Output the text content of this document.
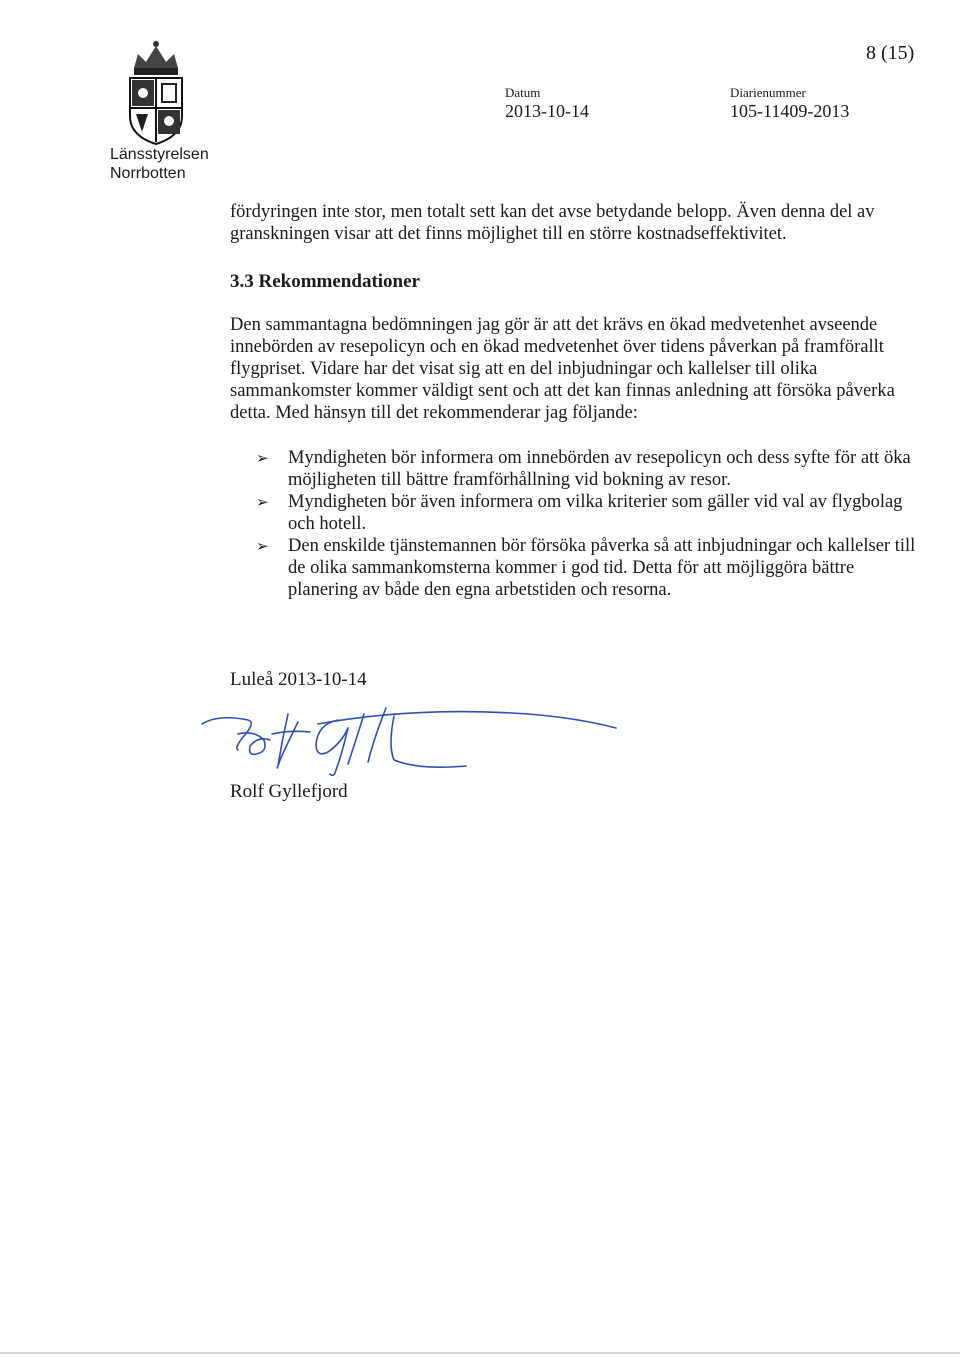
Länsstyrelsen
Norrbotten
8 (15)
Datum
2013-10-14
Diarienummer
105-11409-2013

fördyringen inte stor, men totalt sett kan det avse betydande belopp. Även denna del av granskningen visar att det finns möjlighet till en större kostnadseffektivitet.

3.3 Rekommendationer

Den sammantagna bedömningen jag gör är att det krävs en ökad medvetenhet avseende innebörden av resepolicyn och en ökad medvetenhet över tidens påverkan på framförallt flygpriset. Vidare har det visat sig att en del inbjudningar och kallelser till olika sammankomster kommer väldigt sent och att det kan finnas anledning att försöka påverka detta. Med hänsyn till det rekommenderar jag följande:

➢ Myndigheten bör informera om innebörden av resepolicyn och dess syfte för att öka möjligheten till bättre framförhållning vid bokning av resor.
➢ Myndigheten bör även informera om vilka kriterier som gäller vid val av flygbolag och hotell.
➢ Den enskilde tjänstemannen bör försöka påverka så att inbjudningar och kallelser till de olika sammankomsterna kommer i god tid. Detta för att möjliggöra bättre planering av både den egna arbetstiden och resorna.
Luleå 2013-10-14
Rolf Gyllefjord
